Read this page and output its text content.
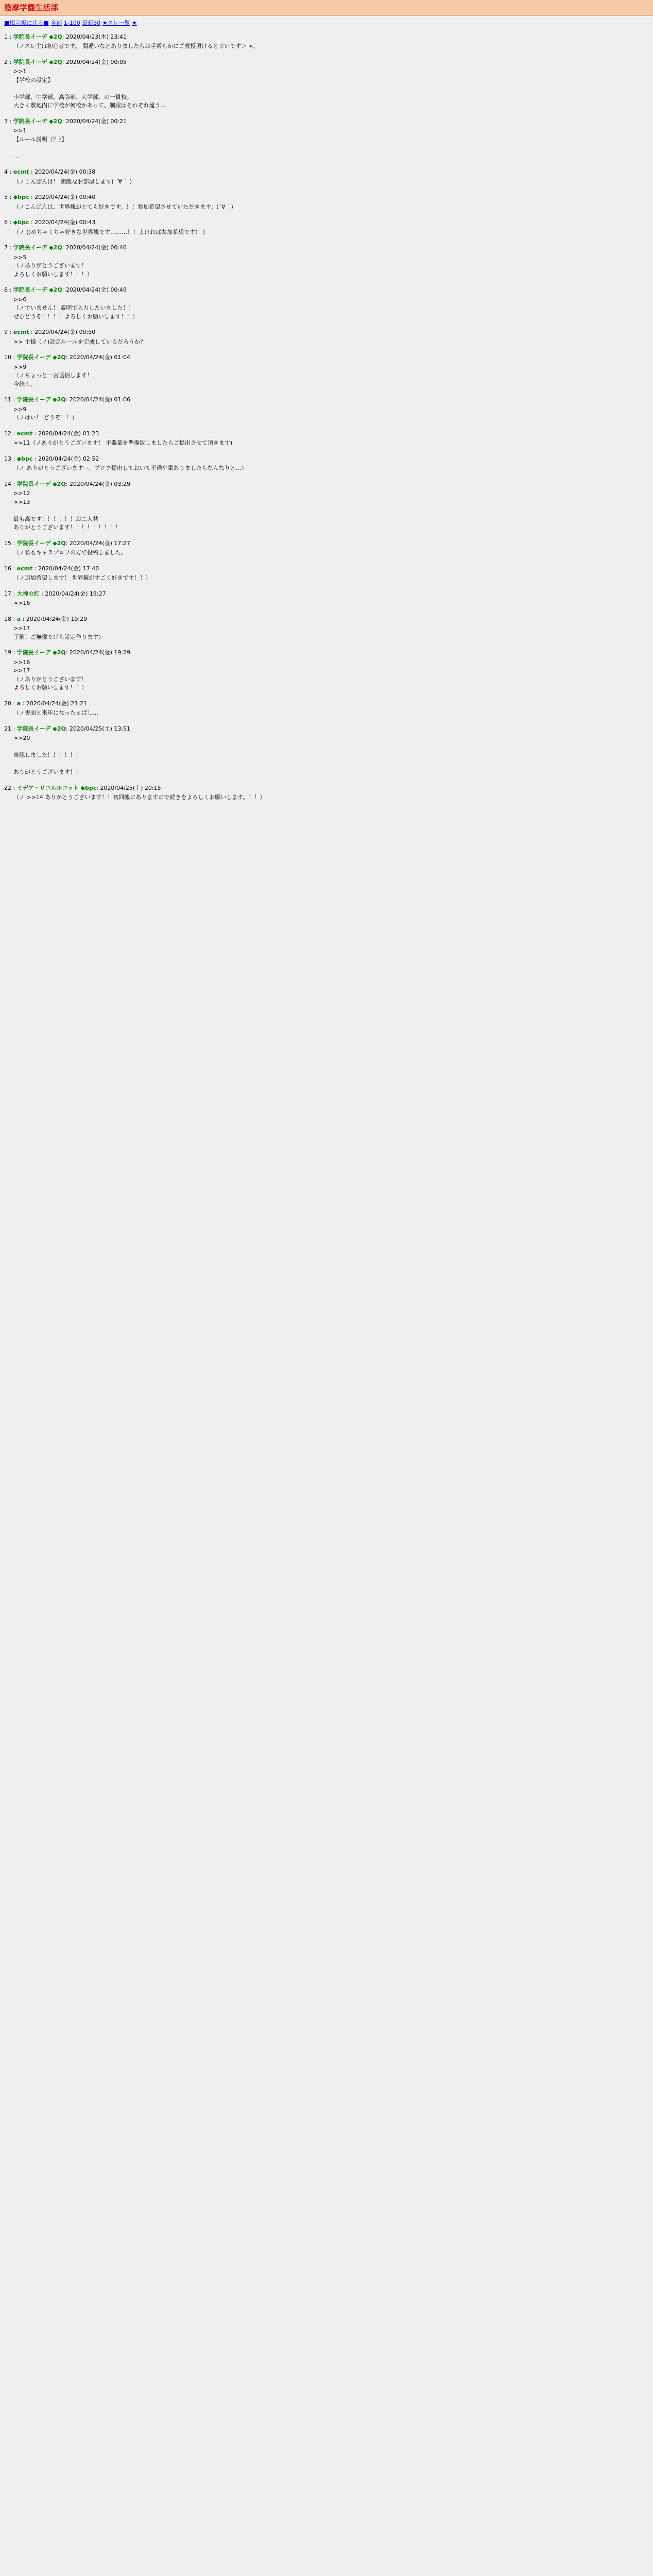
陰摩学園生活部
■掲示板に戻る■ 全部 1-100 最新50 ★スレ一覧 ★
1 : 学院長イーデ ◆2Q: 2020/04/23(木) 23:41
（ノスレ主は初心者です。 間違いなどありましたらお手柔らかにご教授頂けると幸いです＞ <、
2 : 学院長イーデ ◆2Q: 2020/04/24(金) 00:05
>>1
【学校の設定】

小学部、中学部、高等部、大学部、の一貫校。
大きく敷地内に学校が何校かあって、制服はそれぞれ違う…
3 : 学院長イーデ ◆2Q: 2020/04/24(金) 00:21
>>1
【ルール説明（？）】

…
4 : ecmt : 2020/04/24(金) 00:38
（ノこんばんは！ 素敵なお部屋します( ´∀｀ )
5 : ◆bpc : 2020/04/24(金) 00:40
（ノこんばんは、世界観がとても好きです。！！参加希望させていただきます。(´∀｀)
6 : ◆bpc : 2020/04/24(金) 00:43
（ノ ))めちゃくちゃ好きな世界観です………！！よければ参加希望です！ )
7 : 学院長イーデ ◆2Q: 2020/04/24(金) 00:46
>>5
（ノありがとうございます！
よろしくお願いします！！！）
8 : 学院長イーデ ◆2Q: 2020/04/24(金) 00:49
>>6
（ノすいません！ 説明で入力したいました！！
ぜひどうぞ！！！！よろしくお願いします！！）
9 : ecmt : 2020/04/24(金) 00:50
>> 主様（ノ)設定ルールを完成しているだろうか？
10 : 学院長イーデ ◆2Q: 2020/04/24(金) 01:04
>>9
（ノちょっと一言返信します！
今続く。
11 : 学院長イーデ ◆2Q: 2020/04/24(金) 01:06
>>9
（ノはい！ どうぞ！！）
12 : ecmt : 2020/04/24(金) 01:23
>>11（ノありがとうございます！ 不器量を準備致しましたらご提出させて頂きます)
13 : ◆bpc : 2020/04/24(金) 02:52
（ノ ありがとうございますー。プロフ提出しておいて不備や重ありましたらなんなりと…）
14 : 学院長イーデ ◆2Q: 2020/04/24(金) 03:29
>>12
>>13

最も高です！！！！！！お二人共
ありがとうございます！！！！！！！！！
15 : 学院長イーデ ◆2Q: 2020/04/24(金) 17:27
（ノ私もキャラプロフの方で投稿しました。
16 : ecmt : 2020/04/24(金) 17:40
（ノ追加希望します！ 世界観がすごく好きです！！）
17 : 大神の灯 : 2020/04/24(金) 19:27
>>16
18 : a : 2020/04/24(金) 19:29
>>17
了解！ご無像でげら設定作ります）
19 : 学院長イーデ ◆2Q: 2020/04/24(金) 19:29
>>16
>>17
（ノありがとうございます！
よろしくお願いします！！）
20 : a : 2020/04/24(金) 21:21
（ノ書面と来年になったぁばし…
21 : 学院長イーデ ◆2Q: 2020/04/25(土) 13:51
>>20

確認しました！！！！！！

ありがとうございます！！
22 : ミデア・リコルルコット ◆bpc: 2020/04/25(土) 20:15
（ノ >>14 ありがとうございます！！初回帳にありますので続きをよろしくお願いします。！！）
